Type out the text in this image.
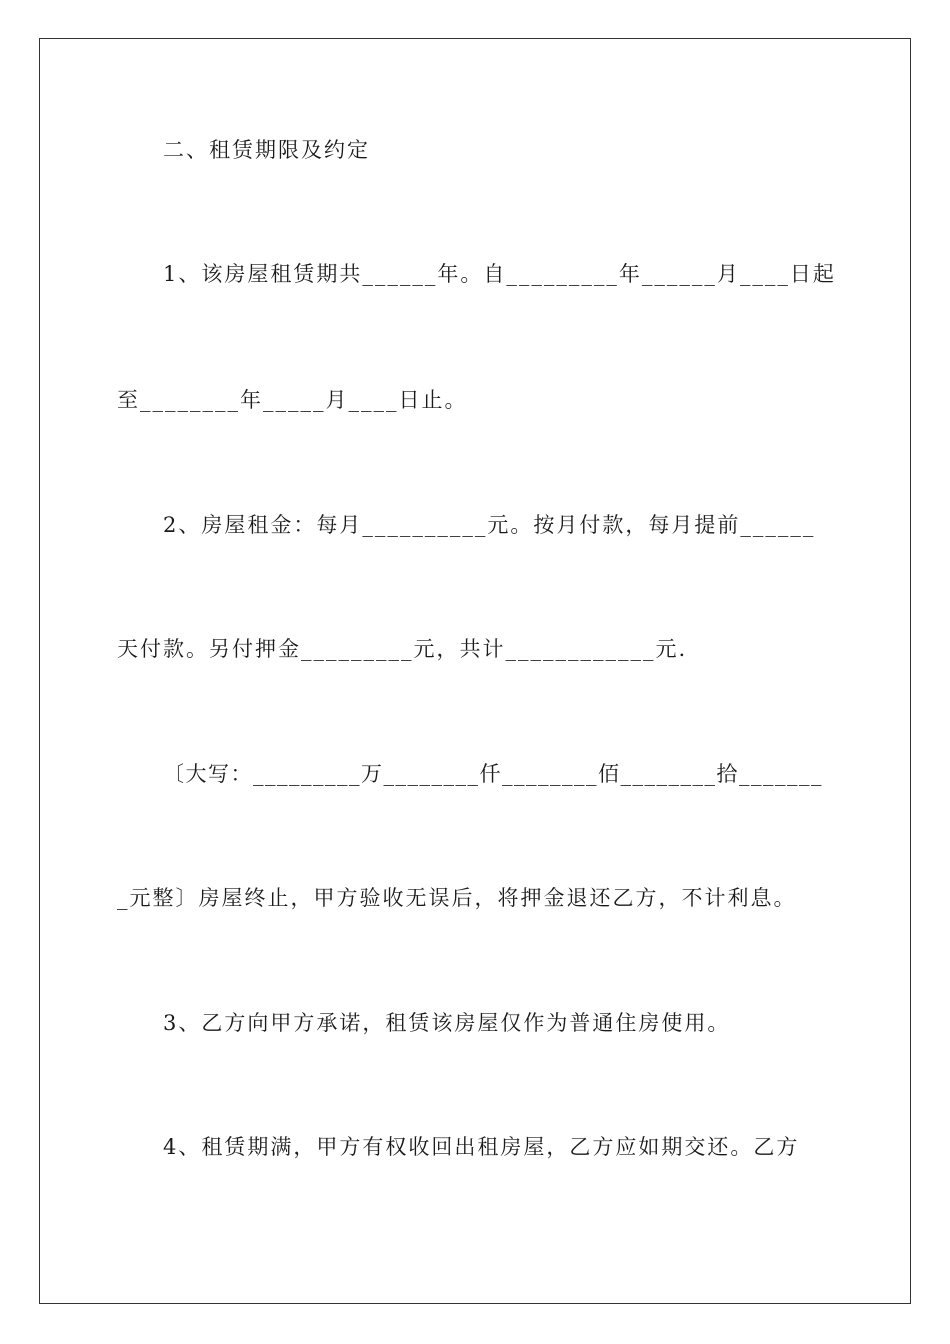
二、租赁期限及约定
1、该房屋租赁期共______年。自_________年______月____日起
至________年_____月____日止。
2、房屋租金：每月__________元。按月付款，每月提前______
天付款。另付押金_________元，共计____________元.
〔大写：_________万________仟________佰________拾_______
_元整〕房屋终止，甲方验收无误后，将押金退还乙方，不计利息。
3、乙方向甲方承诺，租赁该房屋仅作为普通住房使用。
4、租赁期满，甲方有权收回出租房屋，乙方应如期交还。乙方
